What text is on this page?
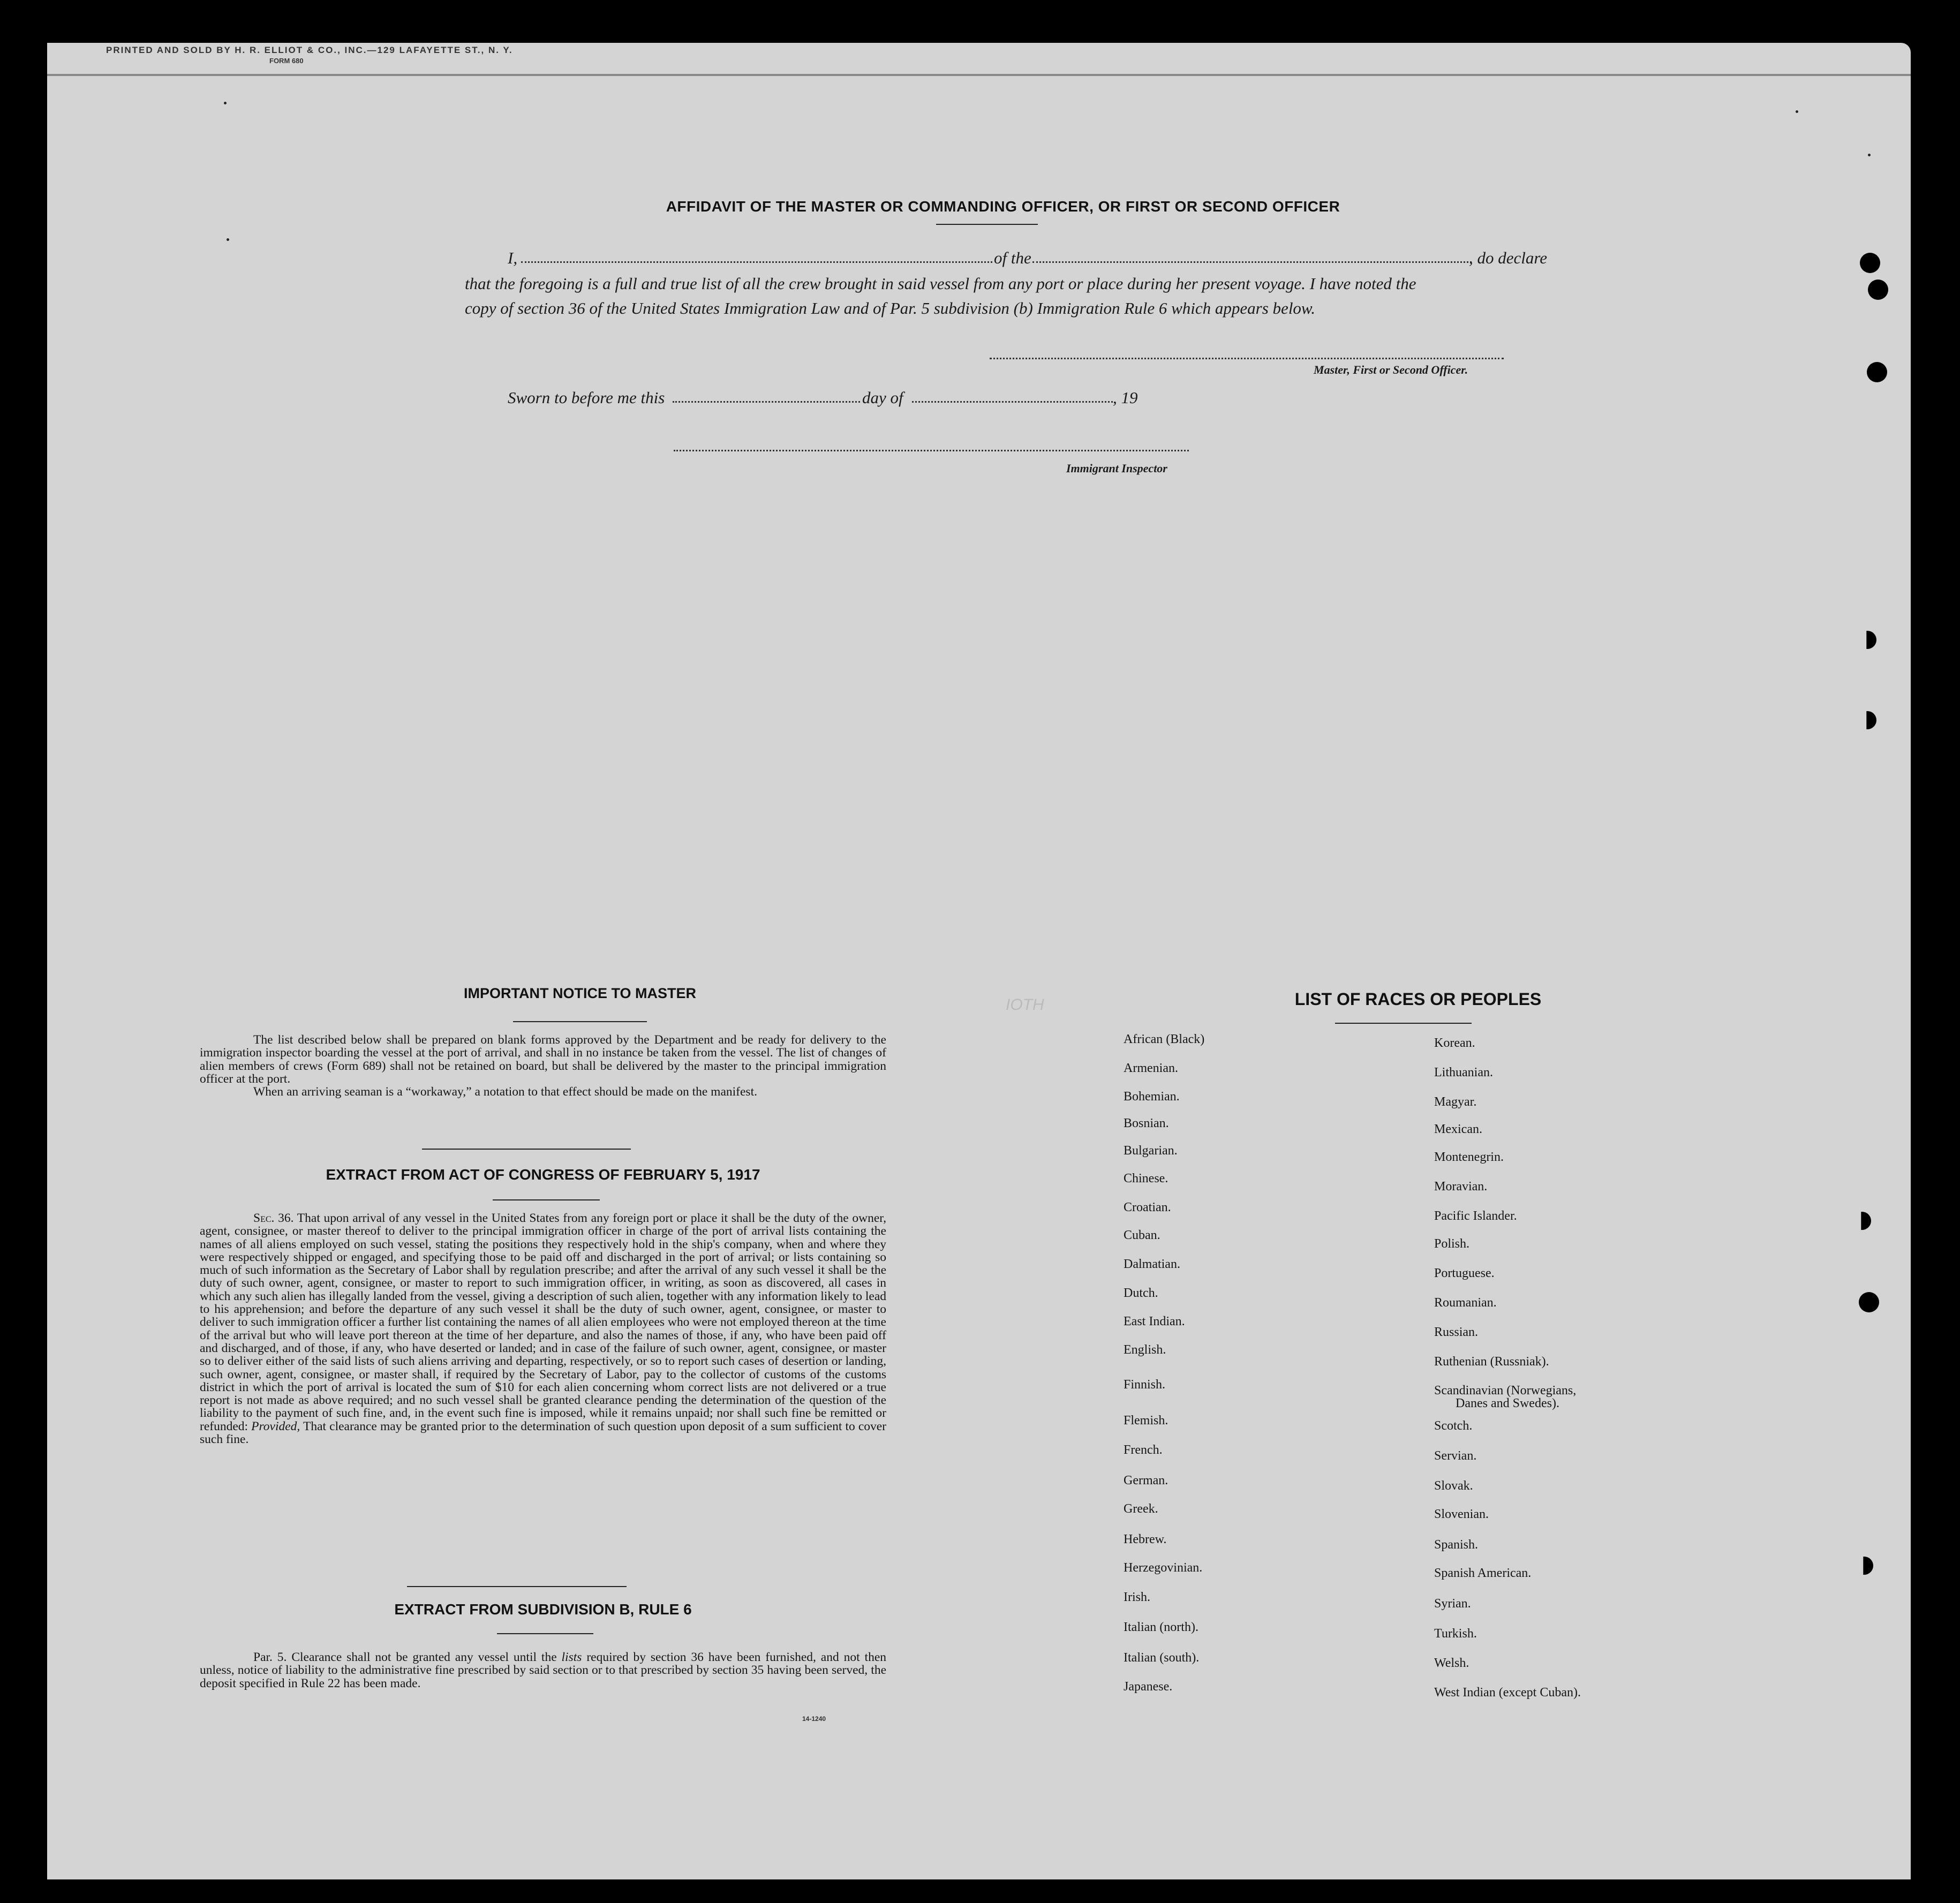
PRINTED AND SOLD BY H. R. ELLIOT & CO., INC.—129 LAFAYETTE ST., N. Y.
FORM 680
AFFIDAVIT OF THE MASTER OR COMMANDING OFFICER, OR FIRST OR SECOND OFFICER
I,	of the	, do declare
that the foregoing is a full and true list of all the crew brought in said vessel from any port or place during her present voyage. I have noted the
copy of section 36 of the United States Immigration Law and of Par. 5 subdivision (b) Immigration Rule 6 which appears below.
Master, First or Second Officer.
Sworn to before me this	day of	, 19
Immigrant Inspector
IMPORTANT NOTICE TO MASTER

The list described below shall be prepared on blank forms approved by the Department and be ready for delivery to the immigration inspector boarding the vessel at the port of arrival, and shall in no instance be taken from the vessel. The list of changes of alien members of crews (Form 689) shall not be retained on board, but shall be delivered by the master to the principal immigration officer at the port.

When an arriving seaman is a “workaway,” a notation to that effect should be made on the manifest.

EXTRACT FROM ACT OF CONGRESS OF FEBRUARY 5, 1917

Sec. 36. That upon arrival of any vessel in the United States from any foreign port or place it shall be the duty of the owner, agent, consignee, or master thereof to deliver to the principal immigration officer in charge of the port of arrival lists containing the names of all aliens employed on such vessel, stating the positions they respectively hold in the ship's company, when and where they were respectively shipped or engaged, and specifying those to be paid off and discharged in the port of arrival; or lists containing so much of such information as the Secretary of Labor shall by regulation prescribe; and after the arrival of any such vessel it shall be the duty of such owner, agent, consignee, or master to report to such immigration officer, in writing, as soon as discovered, all cases in which any such alien has illegally landed from the vessel, giving a description of such alien, together with any information likely to lead to his apprehension; and before the departure of any such vessel it shall be the duty of such owner, agent, consignee, or master to deliver to such immigration officer a further list containing the names of all alien employees who were not employed thereon at the time of the arrival but who will leave port thereon at the time of her departure, and also the names of those, if any, who have been paid off and discharged, and of those, if any, who have deserted or landed; and in case of the failure of such owner, agent, consignee, or master so to deliver either of the said lists of such aliens arriving and departing, respectively, or so to report such cases of desertion or landing, such owner, agent, consignee, or master shall, if required by the Secretary of Labor, pay to the collector of customs of the customs district in which the port of arrival is located the sum of $10 for each alien concerning whom correct lists are not delivered or a true report is not made as above required; and no such vessel shall be granted clearance pending the determination of the question of the liability to the payment of such fine, and, in the event such fine is imposed, while it remains unpaid; nor shall such fine be remitted or refunded: Provided, That clearance may be granted prior to the determination of such question upon deposit of a sum sufficient to cover such fine.

EXTRACT FROM SUBDIVISION B, RULE 6

Par. 5. Clearance shall not be granted any vessel until the lists required by section 36 have been furnished, and not then unless, notice of liability to the administrative fine prescribed by said section or to that prescribed by section 35 having been served, the deposit specified in Rule 22 has been made.

14-1240
IOTH	LIST OF RACES OR PEOPLES
African (Black)
Armenian.
Bohemian.
Bosnian.
Bulgarian.
Chinese.
Croatian.
Cuban.
Dalmatian.
Dutch.
East Indian.
English.
Finnish.
Flemish.
French.
German.
Greek.
Hebrew.
Herzegovinian.
Irish.
Italian (north).
Italian (south).
Japanese.
Korean.
Lithuanian.
Magyar.
Mexican.
Montenegrin.
Moravian.
Pacific Islander.
Polish.
Portuguese.
Roumanian.
Russian.
Ruthenian (Russniak).
Scandinavian (Norwegians,
Scotch.
Servian.
Slovak.
Slovenian.
Spanish.
Spanish American.
Syrian.
Turkish.
Welsh.
West Indian (except Cuban).
Danes and Swedes).
